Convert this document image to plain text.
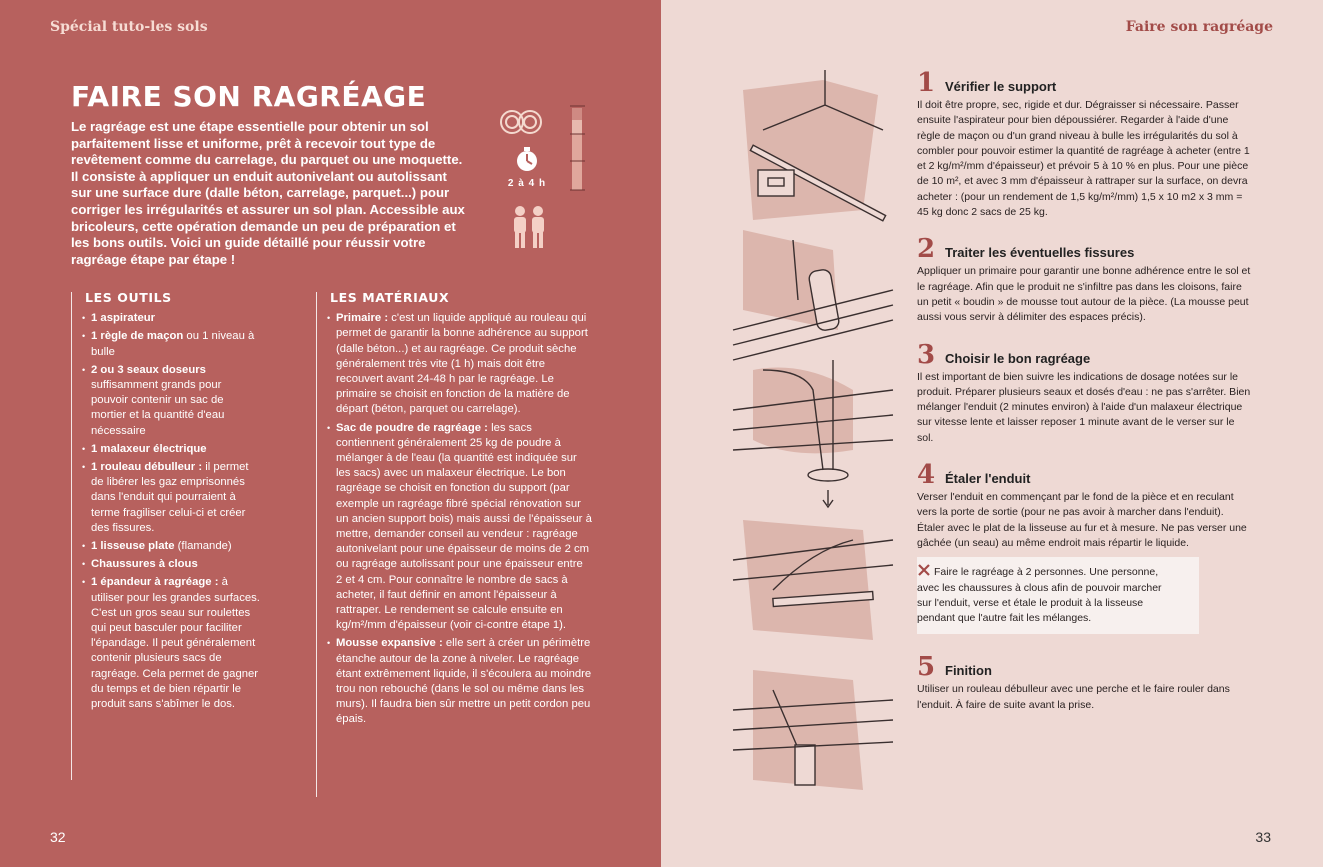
Spécial tuto-les sols
FAIRE SON RAGRÉAGE

Le ragréage est une étape essentielle pour obtenir un sol parfaitement lisse et uniforme, prêt à recevoir tout type de revêtement comme du carrelage, du parquet ou une moquette. Il consiste à appliquer un enduit autonivelant ou autolissant sur une surface dure (dalle béton, carrelage, parquet...) pour corriger les irrégularités et assurer un sol plan. Accessible aux bricoleurs, cette opération demande un peu de préparation et les bons outils. Voici un guide détaillé pour réussir votre ragréage étape par étape !

2 à 4 h
LES OUTILS
• 1 aspirateur
• 1 règle de maçon ou 1 niveau à bulle
• 2 ou 3 seaux doseurs suffisamment grands pour pouvoir contenir un sac de mortier et la quantité d'eau nécessaire
• 1 malaxeur électrique
• 1 rouleau débulleur : il permet de libérer les gaz emprisonnés dans l'enduit qui pourraient à terme fragiliser celui-ci et créer des fissures.
• 1 lisseuse plate (flamande)
• Chaussures à clous
• 1 épandeur à ragréage : à utiliser pour les grandes surfaces. C'est un gros seau sur roulettes qui peut basculer pour faciliter l'épandage. Il peut généralement contenir plusieurs sacs de ragréage. Cela permet de gagner du temps et de bien répartir le produit sans s'abîmer le dos.
LES MATÉRIAUX
• Primaire : c'est un liquide appliqué au rouleau qui permet de garantir la bonne adhérence au support (dalle béton...) et au ragréage. Ce produit sèche généralement très vite (1 h) mais doit être recouvert avant 24-48 h par le ragréage. Le primaire se choisit en fonction de la matière de départ (béton, parquet ou carrelage).
• Sac de poudre de ragréage : les sacs contiennent généralement 25 kg de poudre à mélanger à de l'eau (la quantité est indiquée sur les sacs) avec un malaxeur électrique. Le bon ragréage se choisit en fonction du support (par exemple un ragréage fibré spécial rénovation sur un ancien support bois) mais aussi de l'épaisseur à mettre, demander conseil au vendeur : ragréage autonivelant pour une épaisseur de moins de 2 cm ou ragréage autolissant pour une épaisseur entre 2 et 4 cm. Pour connaître le nombre de sacs à acheter, il faut définir en amont l'épaisseur à rattraper. Le rendement se calcule ensuite en kg/m²/mm d'épaisseur (voir ci-contre étape 1).
• Mousse expansive : elle sert à créer un périmètre étanche autour de la zone à niveler. Le ragréage étant extrêmement liquide, il s'écoulera au moindre trou non rebouché (dans le sol ou même dans les murs). Il faudra bien sûr mettre un petit cordon peu épais.
32
Faire son ragréage
1 Vérifier le support

Il doit être propre, sec, rigide et dur. Dégraisser si nécessaire. Passer ensuite l'aspirateur pour bien dépoussiérer. Regarder à l'aide d'une règle de maçon ou d'un grand niveau à bulle les irrégularités du sol à combler pour pouvoir estimer la quantité de ragréage à acheter (entre 1 et 2 kg/m²/mm d'épaisseur) et prévoir 5 à 10 % en plus. Pour une pièce de 10 m², et avec 3 mm d'épaisseur à rattraper sur la surface, on devra acheter : (pour un rendement de 1,5 kg/m²/mm) 1,5 x 10 m2 x 3 mm = 45 kg donc 2 sacs de 25 kg.

2 Traiter les éventuelles fissures

Appliquer un primaire pour garantir une bonne adhérence entre le sol et le ragréage. Afin que le produit ne s'infiltre pas dans les cloisons, faire un petit « boudin » de mousse tout autour de la pièce. (La mousse peut aussi vous servir à délimiter des espaces précis).

3 Choisir le bon ragréage

Il est important de bien suivre les indications de dosage notées sur le produit. Préparer plusieurs seaux et dosés d'eau : ne pas s'arrêter. Bien mélanger l'enduit (2 minutes environ) à l'aide d'un malaxeur électrique sur vitesse lente et laisser reposer 1 minute avant de le verser sur le sol.

4 Étaler l'enduit

Verser l'enduit en commençant par le fond de la pièce et en reculant vers la porte de sortie (pour ne pas avoir à marcher dans l'enduit). Étaler avec le plat de la lisseuse au fur et à mesure. Ne pas verser une gâchée (un seau) au même endroit mais répartir le liquide.

Faire le ragréage à 2 personnes. Une personne, avec les chaussures à clous afin de pouvoir marcher sur l'enduit, verse et étale le produit à la lisseuse pendant que l'autre fait les mélanges.

5 Finition

Utiliser un rouleau débulleur avec une perche et le faire rouler dans l'enduit. À faire de suite avant la prise.

33
